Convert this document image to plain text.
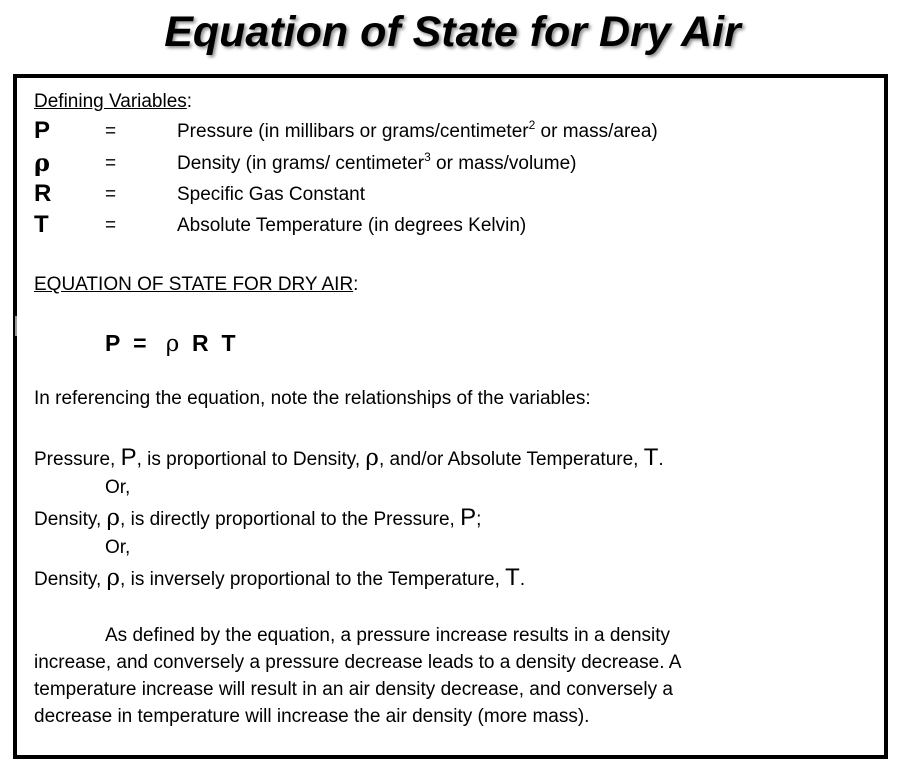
Equation of State for Dry Air
Defining Variables:
P	=	Pressure (in millibars or grams/centimeter$^2$ or mass/area)
ρ	=	Density (in grams/ centimeter$^3$ or mass/volume)
R	=	Specific Gas Constant
T	=	Absolute Temperature (in degrees Kelvin)
EQUATION OF STATE FOR DRY AIR:
P = ρ R T
In referencing the equation, note the relationships of the variables:
Pressure, P, is proportional to Density, ρ, and/or Absolute Temperature, T.
Or,
Density, ρ, is directly proportional to the Pressure, P;
Or,
Density, ρ, is inversely proportional to the Temperature, T.
As defined by the equation, a pressure increase results in a density
increase, and conversely a pressure decrease leads to a density decrease. A
temperature increase will result in an air density decrease, and conversely a
decrease in temperature will increase the air density (more mass).
